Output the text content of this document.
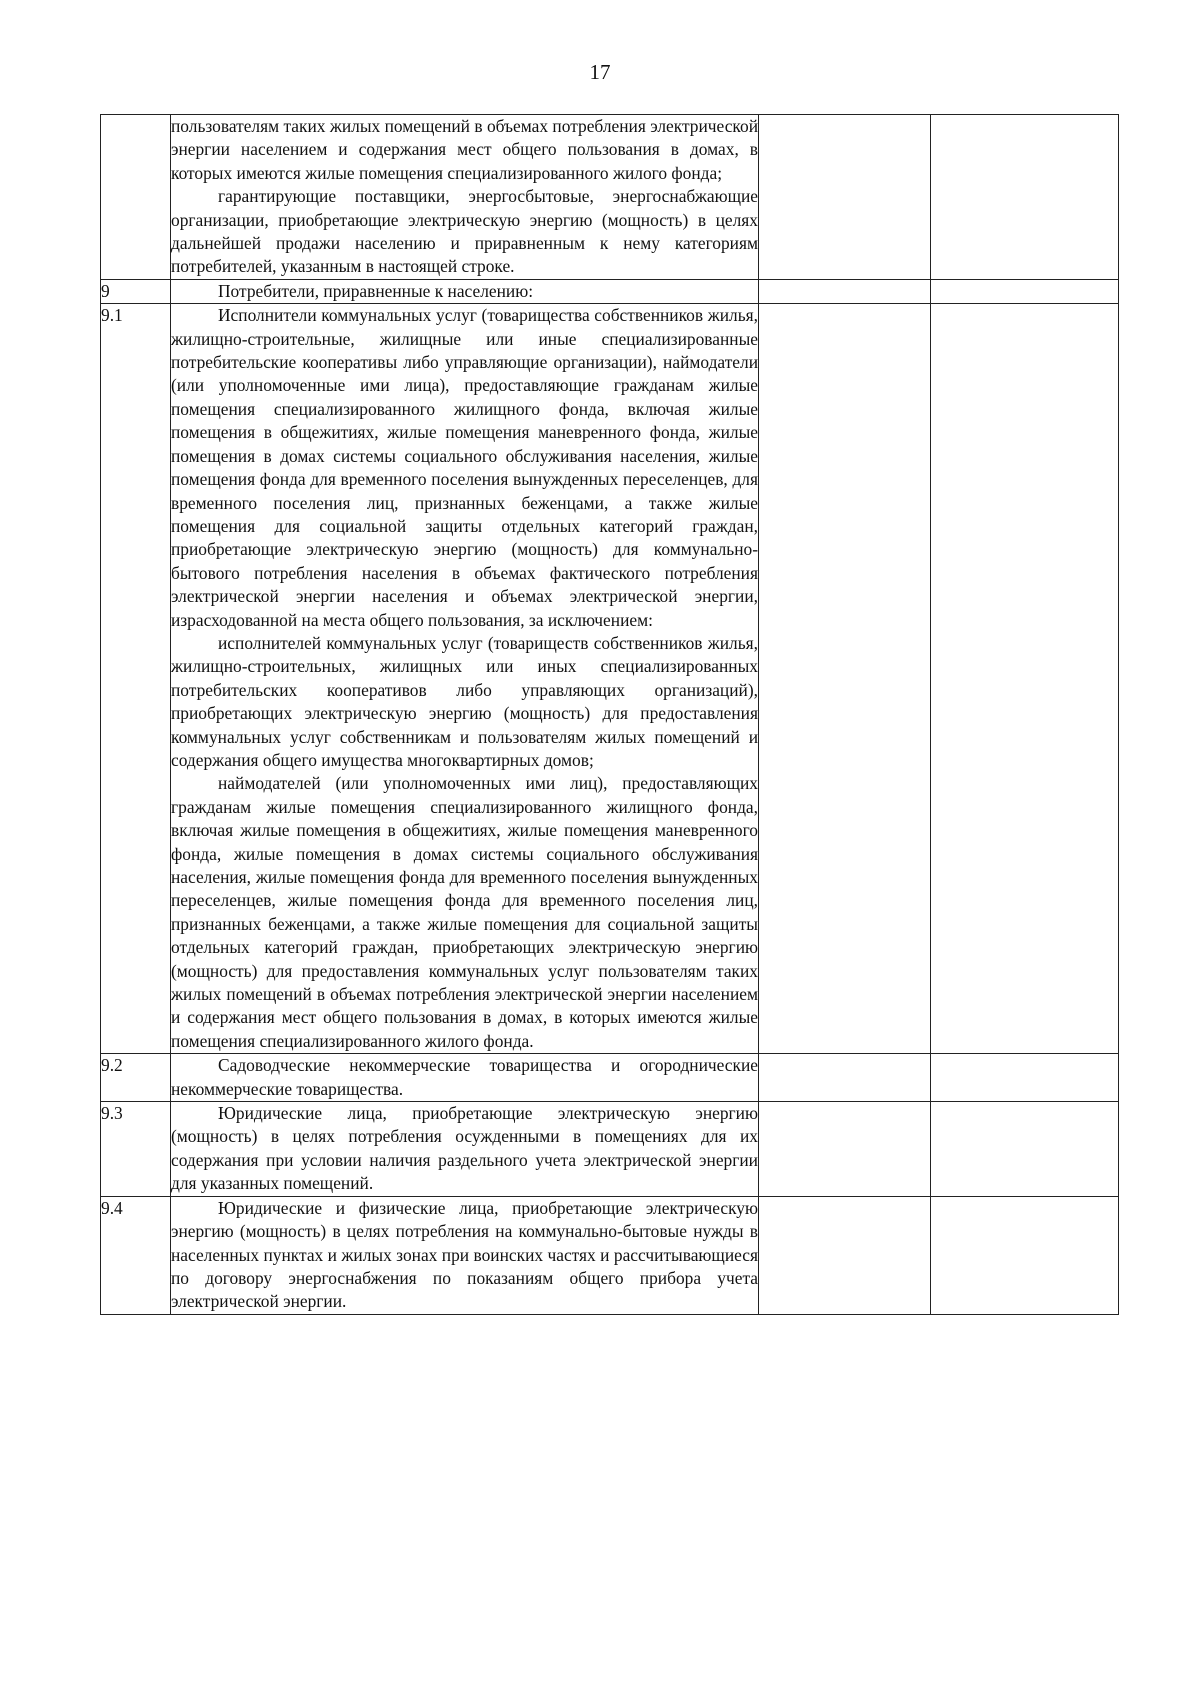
17

	пользователям таких жилых помещений в объемах потребления электрической энергии населением и содержания мест общего пользования в домах, в которых имеются жилые помещения специализированного жилого фонда;

гарантирующие поставщики, энергосбытовые, энергоснабжающие организации, приобретающие электрическую энергию (мощность) в целях дальнейшей продажи населению и приравненным к нему категориям потребителей, указанным в настоящей строке.		

9	Потребители, приравненные к населению:		

9.1	Исполнители коммунальных услуг (товарищества собственников жилья, жилищно-строительные, жилищные или иные специализированные потребительские кооперативы либо управляющие организации), наймодатели (или уполномоченные ими лица), предоставляющие гражданам жилые помещения специализированного жилищного фонда, включая жилые помещения в общежитиях, жилые помещения маневренного фонда, жилые помещения в домах системы социального обслуживания населения, жилые помещения фонда для временного поселения вынужденных переселенцев, для временного поселения лиц, признанных беженцами, а также жилые помещения для социальной защиты отдельных категорий граждан, приобретающие электрическую энергию (мощность) для коммунально-бытового потребления населения в объемах фактического потребления электрической энергии населения и объемах электрической энергии, израсходованной на места общего пользования, за исключением:

исполнителей коммунальных услуг (товариществ собственников жилья, жилищно-строительных, жилищных или иных специализированных потребительских кооперативов либо управляющих организаций), приобретающих электрическую энергию (мощность) для предоставления коммунальных услуг собственникам и пользователям жилых помещений и содержания общего имущества многоквартирных домов;

наймодателей (или уполномоченных ими лиц), предоставляющих гражданам жилые помещения специализированного жилищного фонда, включая жилые помещения в общежитиях, жилые помещения маневренного фонда, жилые помещения в домах системы социального обслуживания населения, жилые помещения фонда для временного поселения вынужденных переселенцев, жилые помещения фонда для временного поселения лиц, признанных беженцами, а также жилые помещения для социальной защиты отдельных категорий граждан, приобретающих электрическую энергию (мощность) для предоставления коммунальных услуг пользователям таких жилых помещений в объемах потребления электрической энергии населением и содержания мест общего пользования в домах, в которых имеются жилые помещения специализированного жилого фонда.		

9.2	Садоводческие некоммерческие товарищества и огороднические некоммерческие товарищества.		

9.3	Юридические лица, приобретающие электрическую энергию (мощность) в целях потребления осужденными в помещениях для их содержания при условии наличия раздельного учета электрической энергии для указанных помещений.		

9.4	Юридические и физические лица, приобретающие электрическую энергию (мощность) в целях потребления на коммунально-бытовые нужды в населенных пунктах и жилых зонах при воинских частях и рассчитывающиеся по договору энергоснабжения по показаниям общего прибора учета электрической энергии.		
